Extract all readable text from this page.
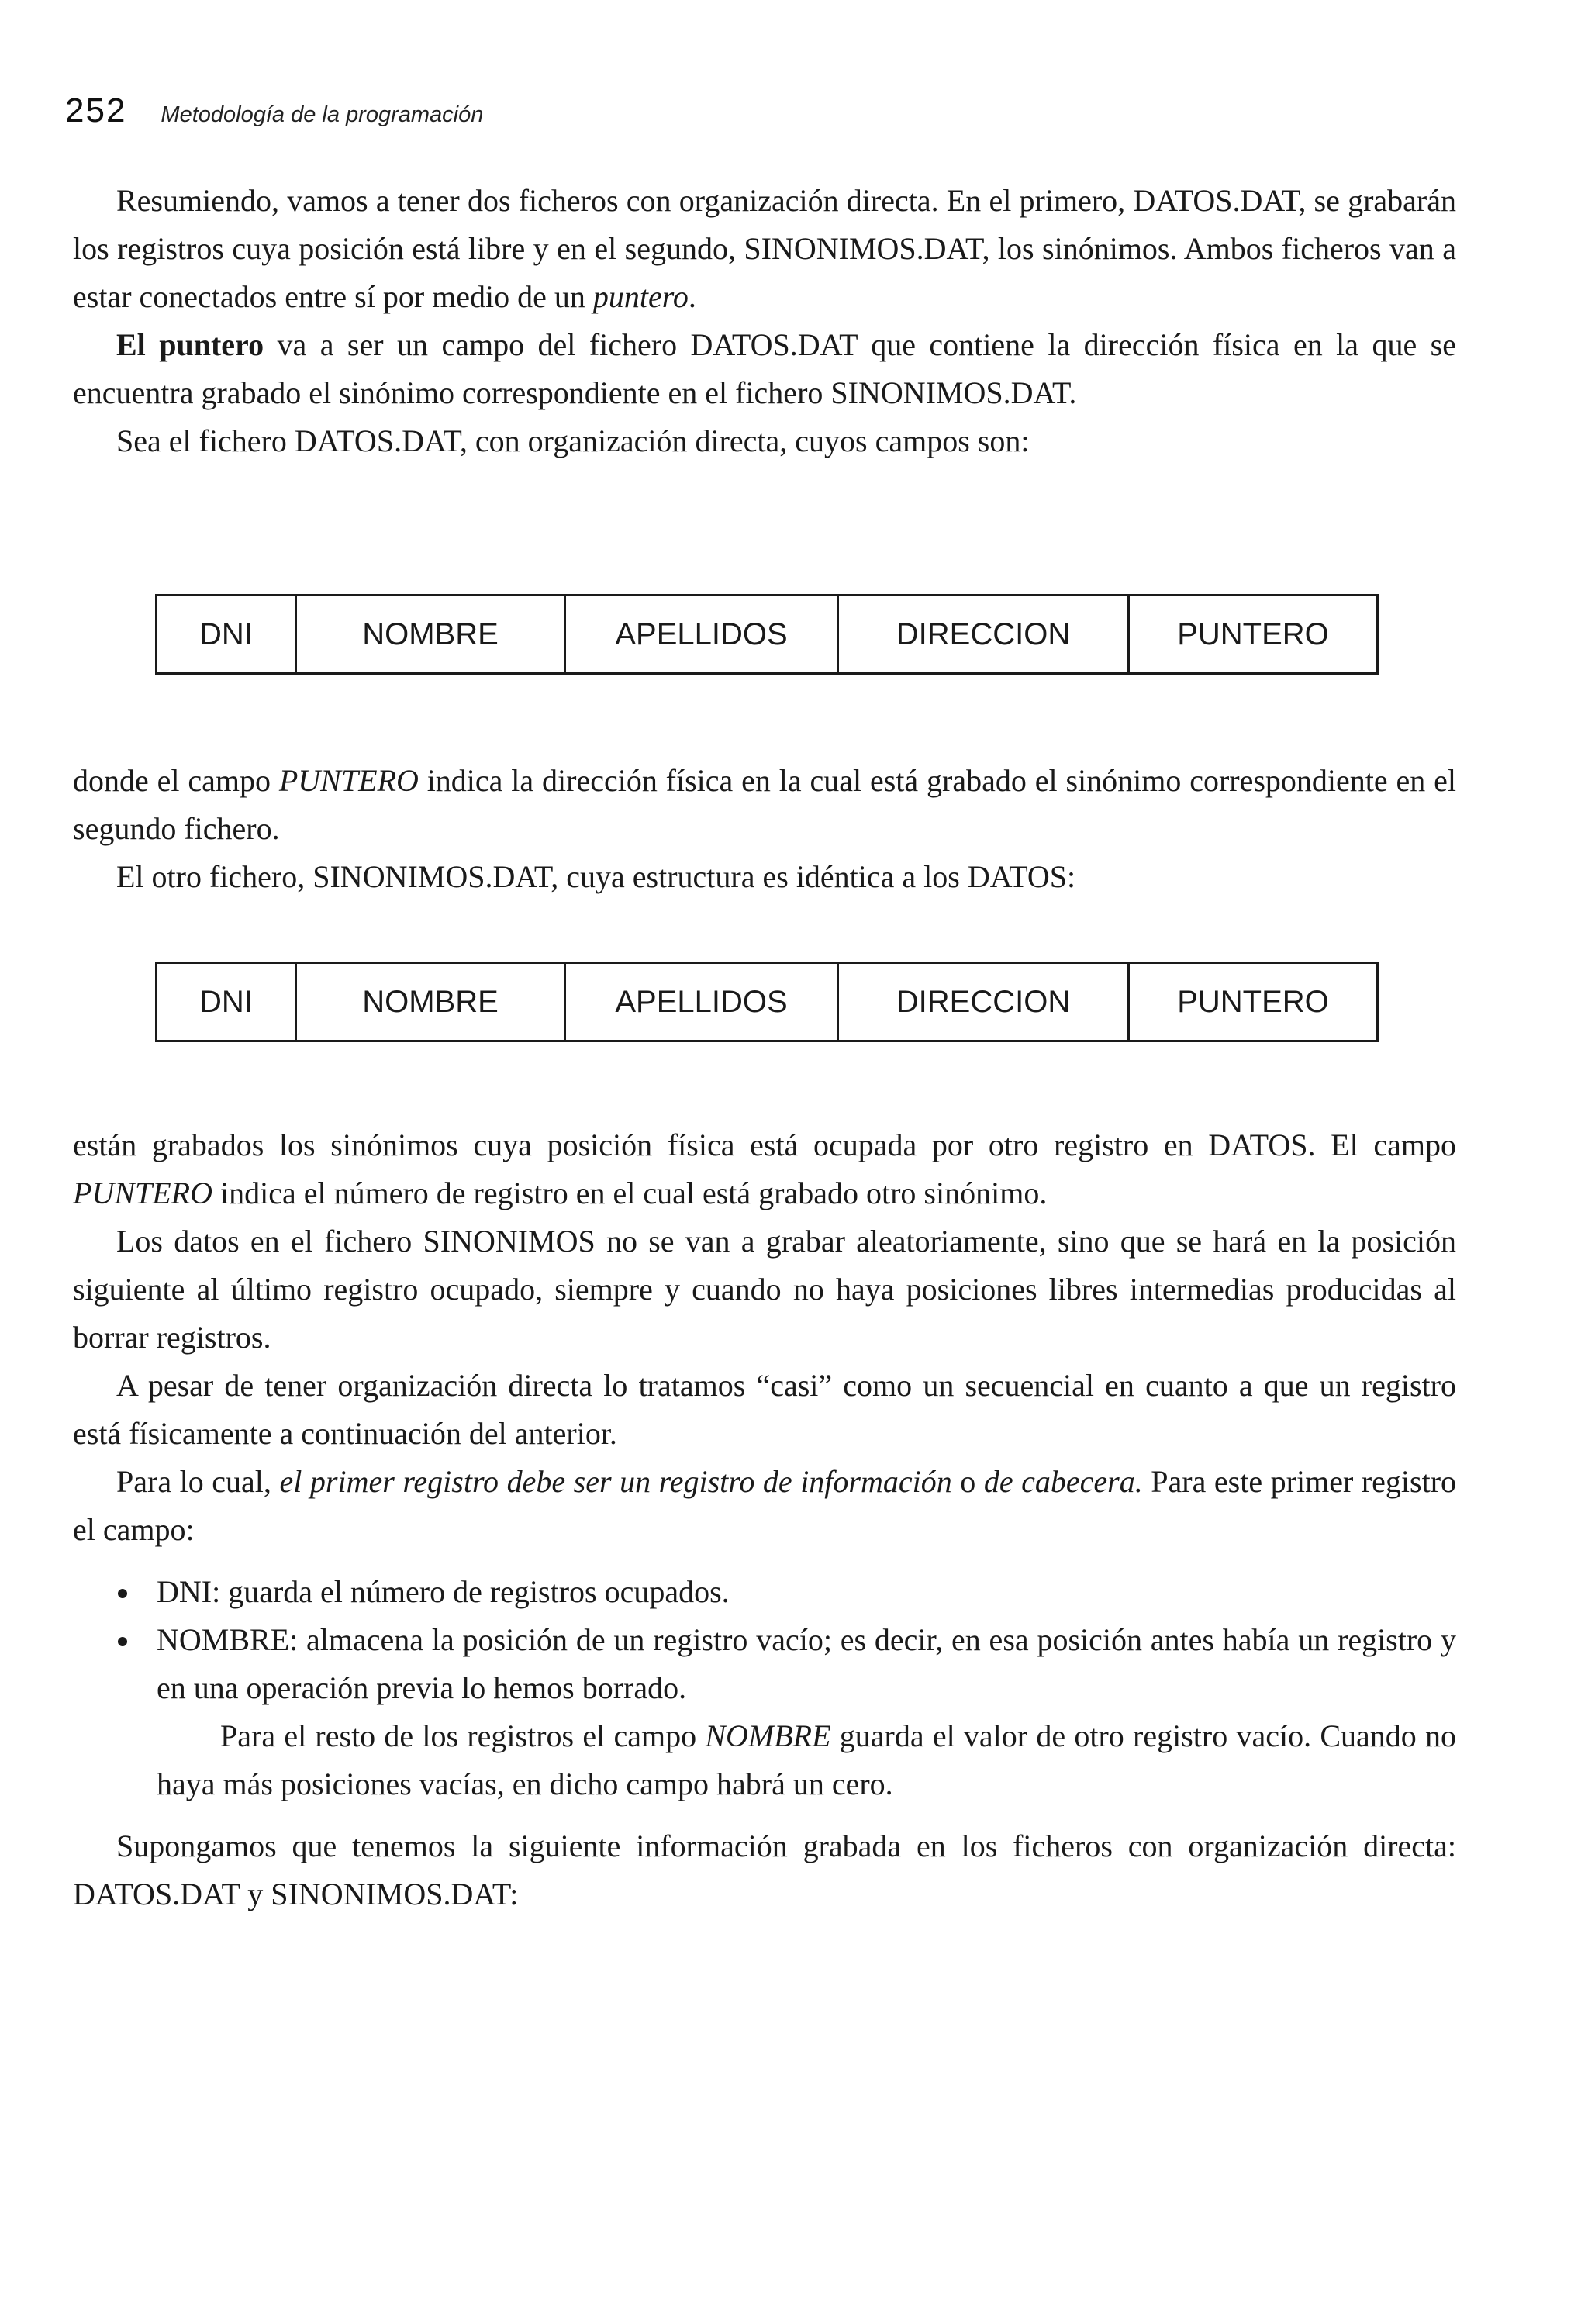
252 Metodología de la programación

Resumiendo, vamos a tener dos ficheros con organización directa. En el primero, DATOS.DAT, se grabarán los registros cuya posición está libre y en el segundo, SINONIMOS.DAT, los sinónimos. Ambos ficheros van a estar conectados entre sí por medio de un puntero.

El puntero va a ser un campo del fichero DATOS.DAT que contiene la dirección física en la que se encuentra grabado el sinónimo correspondiente en el fichero SINONIMOS.DAT.

Sea el fichero DATOS.DAT, con organización directa, cuyos campos son:

DNI	NOMBRE	APELLIDOS	DIRECCION	PUNTERO

donde el campo PUNTERO indica la dirección física en la cual está grabado el sinónimo correspondiente en el segundo fichero.

El otro fichero, SINONIMOS.DAT, cuya estructura es idéntica a los DATOS:

DNI	NOMBRE	APELLIDOS	DIRECCION	PUNTERO

están grabados los sinónimos cuya posición física está ocupada por otro registro en DATOS. El campo PUNTERO indica el número de registro en el cual está grabado otro sinónimo.

Los datos en el fichero SINONIMOS no se van a grabar aleatoriamente, sino que se hará en la posición siguiente al último registro ocupado, siempre y cuando no haya posiciones libres intermedias producidas al borrar registros.

A pesar de tener organización directa lo tratamos “casi” como un secuencial en cuanto a que un registro está físicamente a continuación del anterior.

Para lo cual, el primer registro debe ser un registro de información o de cabecera. Para este primer registro el campo:

DNI: guarda el número de registros ocupados.
NOMBRE: almacena la posición de un registro vacío; es decir, en esa posición antes había un registro y en una operación previa lo hemos borrado.

Para el resto de los registros el campo NOMBRE guarda el valor de otro registro vacío. Cuando no haya más posiciones vacías, en dicho campo habrá un cero.

Supongamos que tenemos la siguiente información grabada en los ficheros con organización directa: DATOS.DAT y SINONIMOS.DAT:
